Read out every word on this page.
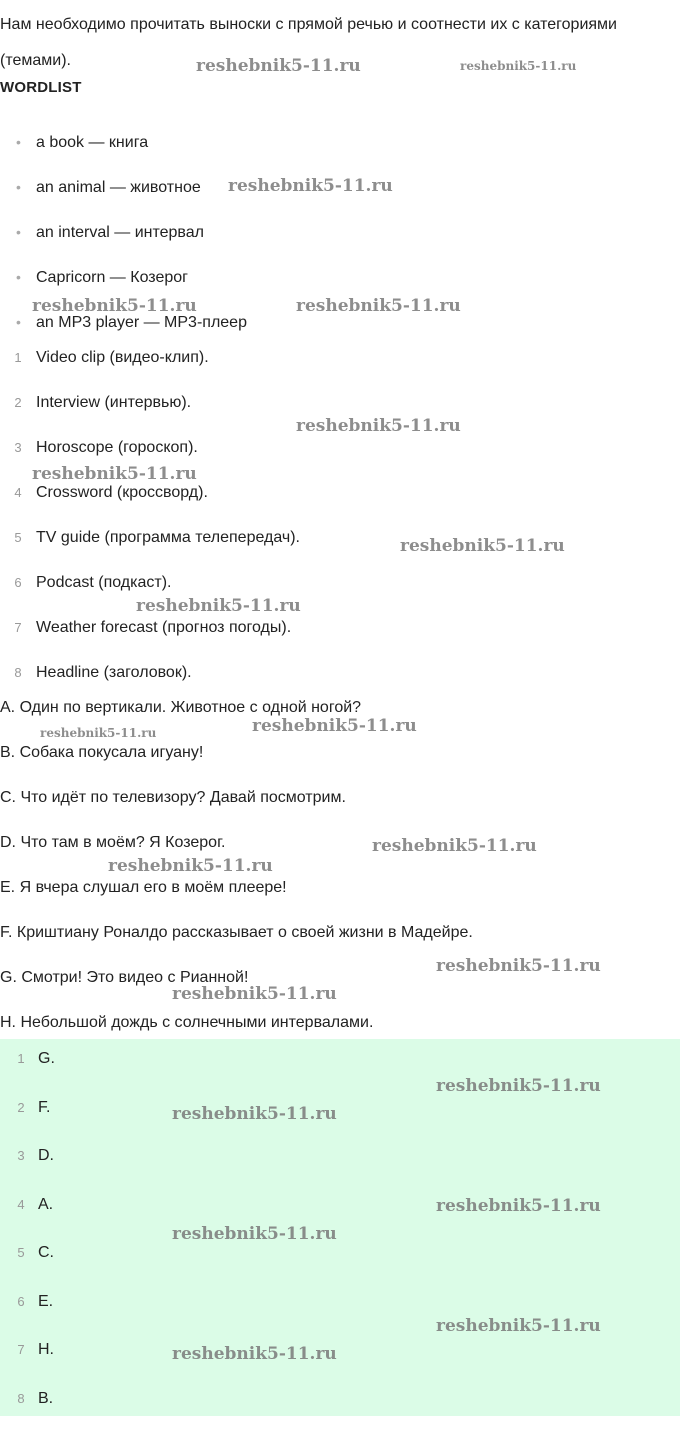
Нам необходимо прочитать выноски с прямой речью и соотнести их с категориями (темами).

WORDLIST
• a book — книга
• an animal — животное
• an interval — интервал
• Capricorn — Козерог
• an MP3 player — MP3-плеер
1 Video clip (видео-клип).
2 Interview (интервью).
3 Horoscope (гороскоп).
4 Crossword (кроссворд).
5 TV guide (программа телепередач).
6 Podcast (подкаст).
7 Weather forecast (прогноз погоды).
8 Headline (заголовок).
A. Один по вертикали. Животное с одной ногой?
B. Собака покусала игуану!
C. Что идёт по телевизору? Давай посмотрим.
D. Что там в моём? Я Козерог.
E. Я вчера слушал его в моём плеере!
F. Криштиану Роналдо рассказывает о своей жизни в Мадейре.
G. Смотри! Это видео с Рианной!
H. Небольшой дождь с солнечными интервалами.
1 G.
2 F.
3 D.
4 A.
5 C.
6 E.
7 H.
8 B.
reshebnik5-11.ru	reshebnik5-11.ru
reshebnik5-11.ru
reshebnik5-11.ru	reshebnik5-11.ru
reshebnik5-11.ru
reshebnik5-11.ru
reshebnik5-11.ru
reshebnik5-11.ru
reshebnik5-11.ru	reshebnik5-11.ru
reshebnik5-11.ru
reshebnik5-11.ru
reshebnik5-11.ru
reshebnik5-11.ru
reshebnik5-11.ru
reshebnik5-11.ru
reshebnik5-11.ru
reshebnik5-11.ru
reshebnik5-11.ru
reshebnik5-11.ru
